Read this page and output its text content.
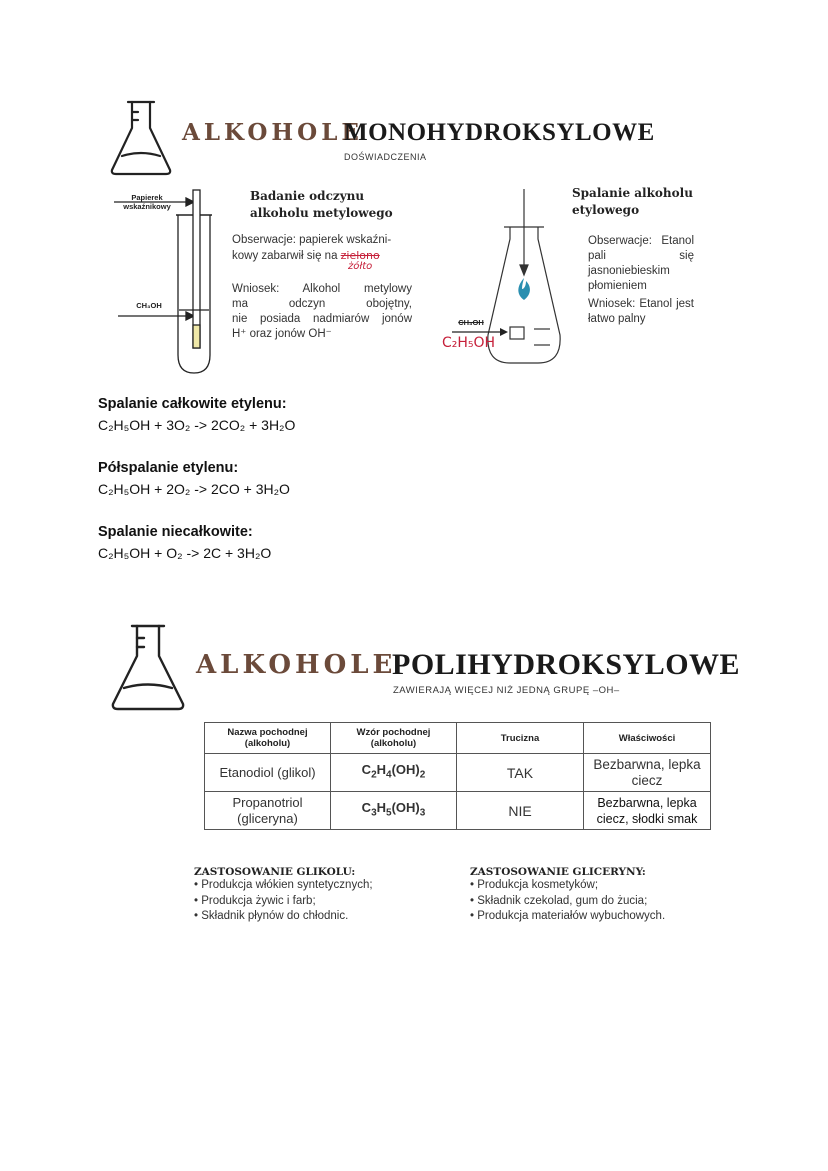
ALKOHOLE
MONOHYDROKSYLOWE
DOŚWIADCZENIA
Papierek
wskaźnikowy
CH₃OH
Badanie odczynu
alkoholu metylowego
Obserwacje: papierek wskaźni-
kowy zabarwił się na zielono
żółto
Wniosek: Alkohol metylowy
ma odczyn obojętny,
nie posiada nadmiarów jonów
H⁺ oraz jonów OH⁻
CH₃OH
C₂H₅OH
Spalanie alkoholu
etylowego
Obserwacje: Etanol pali się jasnoniebieskim płomieniem
Wniosek: Etanol jest łatwo palny
Spalanie całkowite etylenu:
C₂H₅OH + 3O₂ -> 2CO₂ + 3H₂O
Półspalanie etylenu:
C₂H₅OH + 2O₂ -> 2CO + 3H₂O
Spalanie niecałkowite:
C₂H₅OH + O₂ -> 2C + 3H₂O
ALKOHOLE
POLIHYDROKSYLOWE
ZAWIERAJĄ WIĘCEJ NIŻ JEDNĄ GRUPĘ –OH–
Nazwa pochodnej (alkoholu)	Wzór pochodnej (alkoholu)	Trucizna	Właściwości
Etanodiol (glikol)	$C_2H_4(OH)_2$	TAK	Bezbarwna, lepka ciecz
Propanotriol (gliceryna)	$C_3H_5(OH)_3$	NIE	Bezbarwna, lepka ciecz, słodki smak
ZASTOSOWANIE GLIKOLU:
• Produkcja włókien syntetycznych;
• Produkcja żywic i farb;
• Składnik płynów do chłodnic.
ZASTOSOWANIE GLICERYNY:
• Produkcja kosmetyków;
• Składnik czekolad, gum do żucia;
• Produkcja materiałów wybuchowych.
